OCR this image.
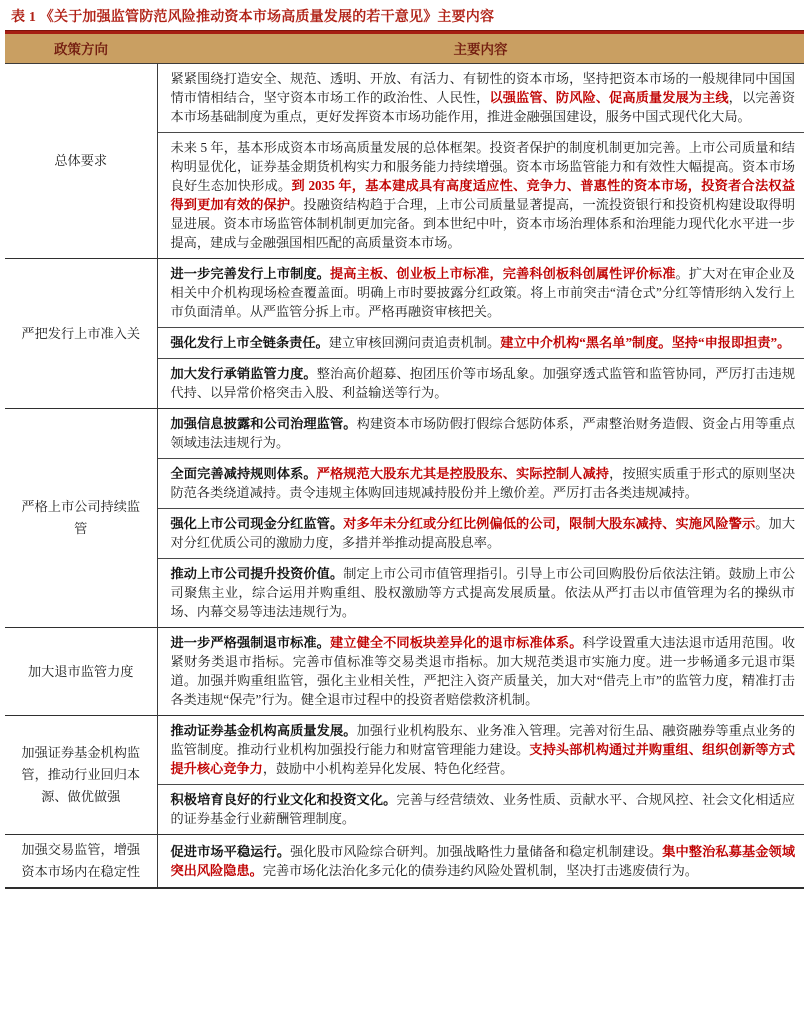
表 1 《关于加强监管防范风险推动资本市场高质量发展的若干意见》主要内容
政策方向	主要内容
总体要求	紧紧围绕打造安全、规范、透明、开放、有活力、有韧性的资本市场，坚持把资本市场的一般规律同中国国情市情相结合，坚守资本市场工作的政治性、人民性，以强监管、防风险、促高质量发展为主线，以完善资本市场基础制度为重点，更好发挥资本市场功能作用，推进金融强国建设，服务中国式现代化大局。
	未来 5 年，基本形成资本市场高质量发展的总体框架。投资者保护的制度机制更加完善。上市公司质量和结构明显优化，证券基金期货机构实力和服务能力持续增强。资本市场监管能力和有效性大幅提高。资本市场良好生态加快形成。到 2035 年，基本建成具有高度适应性、竞争力、普惠性的资本市场，投资者合法权益得到更加有效的保护。投融资结构趋于合理，上市公司质量显著提高，一流投资银行和投资机构建设取得明显进展。资本市场监管体制机制更加完备。到本世纪中叶，资本市场治理体系和治理能力现代化水平进一步提高，建成与金融强国相匹配的高质量资本市场。
严把发行上市准入关	进一步完善发行上市制度。提高主板、创业板上市标准，完善科创板科创属性评价标准。扩大对在审企业及相关中介机构现场检查覆盖面。明确上市时要披露分红政策。将上市前突击“清仓式”分红等情形纳入发行上市负面清单。从严监管分拆上市。严格再融资审核把关。
	强化发行上市全链条责任。建立审核回溯问责追责机制。建立中介机构“黑名单”制度。坚持“申报即担责”。
	加大发行承销监管力度。整治高价超募、抱团压价等市场乱象。加强穿透式监管和监管协同，严厉打击违规代持、以异常价格突击入股、利益输送等行为。
严格上市公司持续监管	加强信息披露和公司治理监管。构建资本市场防假打假综合惩防体系，严肃整治财务造假、资金占用等重点领域违法违规行为。
	全面完善减持规则体系。严格规范大股东尤其是控股股东、实际控制人减持，按照实质重于形式的原则坚决防范各类绕道减持。责令违规主体购回违规减持股份并上缴价差。严厉打击各类违规减持。
	强化上市公司现金分红监管。对多年未分红或分红比例偏低的公司，限制大股东减持、实施风险警示。加大对分红优质公司的激励力度，多措并举推动提高股息率。
	推动上市公司提升投资价值。制定上市公司市值管理指引。引导上市公司回购股份后依法注销。鼓励上市公司聚焦主业，综合运用并购重组、股权激励等方式提高发展质量。依法从严打击以市值管理为名的操纵市场、内幕交易等违法违规行为。
加大退市监管力度	进一步严格强制退市标准。建立健全不同板块差异化的退市标准体系。科学设置重大违法退市适用范围。收紧财务类退市指标。完善市值标准等交易类退市指标。加大规范类退市实施力度。进一步畅通多元退市渠道。加强并购重组监管，强化主业相关性，严把注入资产质量关，加大对“借壳上市”的监管力度，精准打击各类违规“保壳”行为。健全退市过程中的投资者赔偿救济机制。
加强证券基金机构监管，推动行业回归本源、做优做强	推动证券基金机构高质量发展。加强行业机构股东、业务准入管理。完善对衍生品、融资融券等重点业务的监管制度。推动行业机构加强投行能力和财富管理能力建设。支持头部机构通过并购重组、组织创新等方式提升核心竞争力，鼓励中小机构差异化发展、特色化经营。
	积极培育良好的行业文化和投资文化。完善与经营绩效、业务性质、贡献水平、合规风控、社会文化相适应的证券基金行业薪酬管理制度。
加强交易监管，增强资本市场内在稳定性	促进市场平稳运行。强化股市风险综合研判。加强战略性力量储备和稳定机制建设。集中整治私募基金领域突出风险隐患。完善市场化法治化多元化的债券违约风险处置机制，坚决打击逃废债行为。
